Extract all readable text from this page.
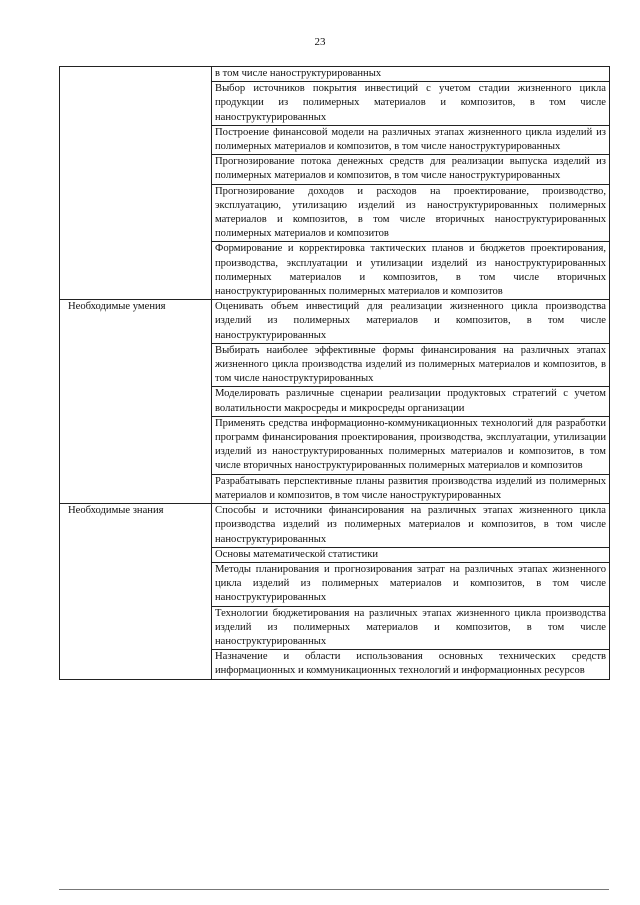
23
	в том числе наноструктурированных
	Выбор источников покрытия инвестиций с учетом стадии жизненного цикла продукции из полимерных материалов и композитов, в том числе наноструктурированных
	Построение финансовой модели на различных этапах жизненного цикла изделий из полимерных материалов и композитов, в том числе наноструктурированных
	Прогнозирование потока денежных средств для реализации выпуска изделий из полимерных материалов и композитов, в том числе наноструктурированных
	Прогнозирование доходов и расходов на проектирование, производство, эксплуатацию, утилизацию изделий из наноструктурированных полимерных материалов и композитов, в том числе вторичных наноструктурированных полимерных материалов и композитов
	Формирование и корректировка тактических планов и бюджетов проектирования, производства, эксплуатации и утилизации изделий из наноструктурированных полимерных материалов и композитов, в том числе вторичных наноструктурированных полимерных материалов и композитов
Необходимые умения	Оценивать объем инвестиций для реализации жизненного цикла производства изделий из полимерных материалов и композитов, в том числе наноструктурированных
	Выбирать наиболее эффективные формы финансирования на различных этапах жизненного цикла производства изделий из полимерных материалов и композитов, в том числе наноструктурированных
	Моделировать различные сценарии реализации продуктовых стратегий с учетом волатильности макросреды и микросреды организации
	Применять средства информационно-коммуникационных технологий для разработки программ финансирования проектирования, производства, эксплуатации, утилизации изделий из наноструктурированных полимерных материалов и композитов, в том числе вторичных наноструктурированных полимерных материалов и композитов
	Разрабатывать перспективные планы развития производства изделий из полимерных материалов и композитов, в том числе наноструктурированных
Необходимые знания	Способы и источники финансирования на различных этапах жизненного цикла производства изделий из полимерных материалов и композитов, в том числе наноструктурированных
	Основы математической статистики
	Методы планирования и прогнозирования затрат на различных этапах жизненного цикла изделий из полимерных материалов и композитов, в том числе наноструктурированных
	Технологии бюджетирования на различных этапах жизненного цикла производства изделий из полимерных материалов и композитов, в том числе наноструктурированных
	Назначение и области использования основных технических средств информационных и коммуникационных технологий и информационных ресурсов
